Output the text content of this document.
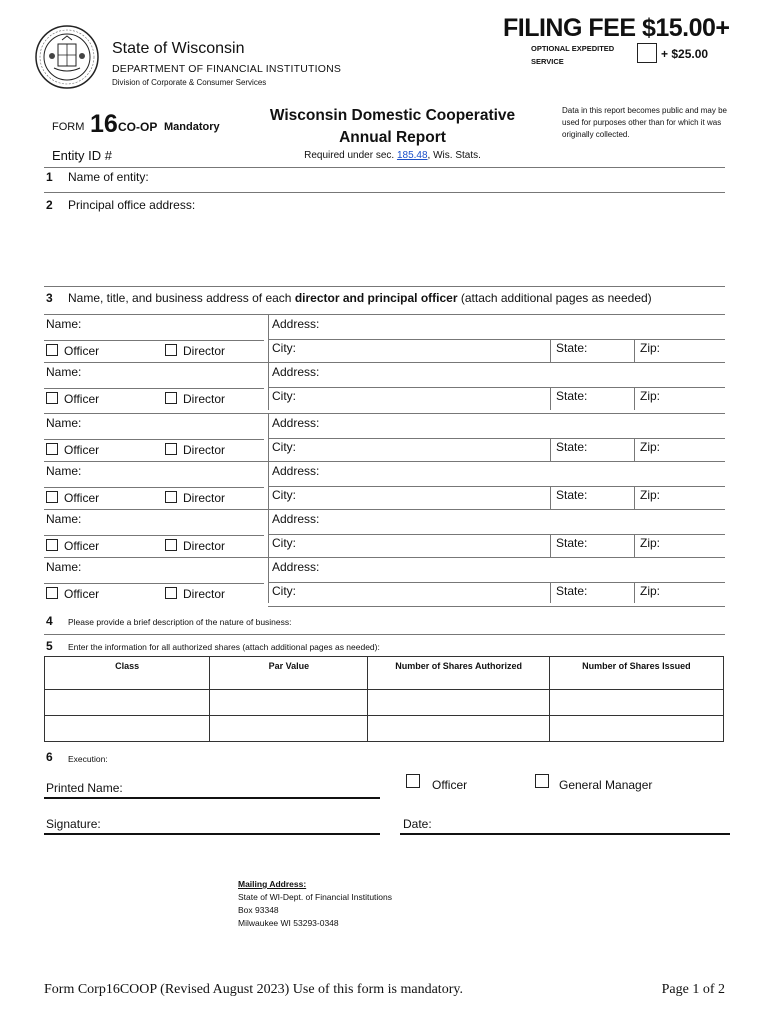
State of Wisconsin
DEPARTMENT OF FINANCIAL INSTITUTIONS
Division of Corporate & Consumer Services
FILING FEE $15.00+
OPTIONAL EXPEDITED SERVICE
+ $25.00
FORM 16 CO-OP Mandatory
Wisconsin Domestic Cooperative
Annual Report
Required under sec. 185.48, Wis. Stats.
Data in this report becomes public and may be used for purposes other than for which it was originally collected.
Entity ID #
1 Name of entity:
2 Principal office address:
3 Name, title, and business address of each director and principal officer (attach additional pages as needed)
Name:	Address:
Officer	Director	City:	State:	Zip:
Name:	Address:
Officer	Director	City:	State:	Zip:
Name:	Address:
Officer	Director	City:	State:	Zip:
Name:	Address:
Officer	Director	City:	State:	Zip:
Name:	Address:
Officer	Director	City:	State:	Zip:
Name:	Address:
Officer	Director	City:	State:	Zip:
4 Please provide a brief description of the nature of business:
5 Enter the information for all authorized shares (attach additional pages as needed):
Class	Par Value	Number of Shares Authorized	Number of Shares Issued

6 Execution:
Printed Name:	Officer	General Manager
Signature:	Date:
Mailing Address:
State of WI-Dept. of Financial Institutions
Box 93348
Milwaukee WI 53293-0348
Form Corp16COOP (Revised August 2023) Use of this form is mandatory.	Page 1 of 2
